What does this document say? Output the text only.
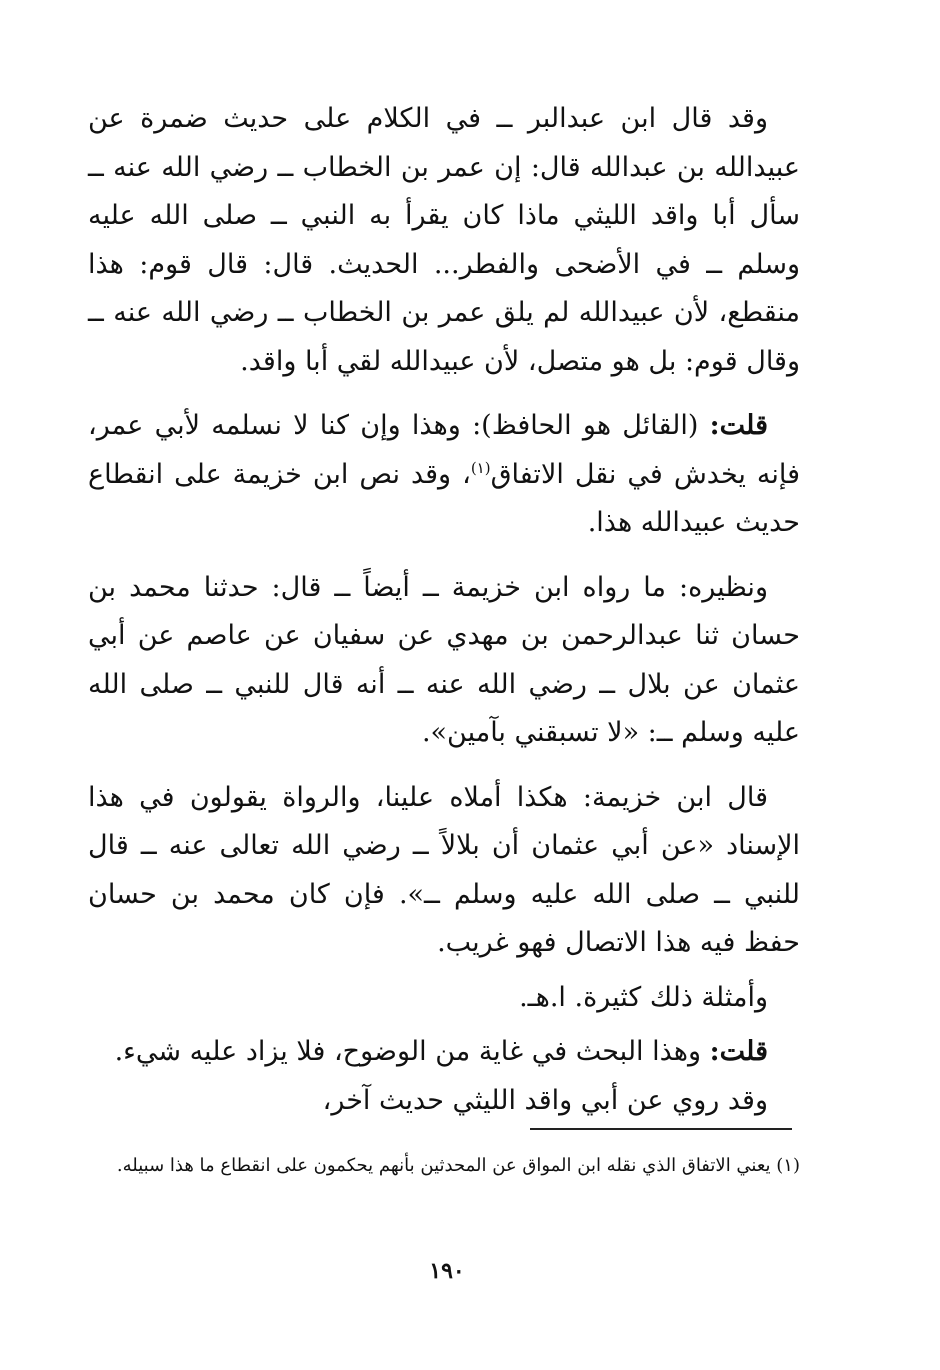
وقد قال ابن عبدالبر ــ في الكلام على حديث ضمرة عن عبيدالله بن عبدالله قال: إن عمر بن الخطاب ــ رضي الله عنه ــ سأل أبا واقد الليثي ماذا كان يقرأ به النبي ــ صلى الله عليه وسلم ــ في الأضحى والفطر... الحديث. قال: قال قوم: هذا منقطع، لأن عبيدالله لم يلق عمر بن الخطاب ــ رضي الله عنه ــ وقال قوم: بل هو متصل، لأن عبيدالله لقي أبا واقد.

قلت: (القائل هو الحافظ): وهذا وإن كنا لا نسلمه لأبي عمر، فإنه يخدش في نقل الاتفاق$^{(١)}$، وقد نص ابن خزيمة على انقطاع حديث عبيدالله هذا.

ونظيره: ما رواه ابن خزيمة ــ أيضاً ــ قال: حدثنا محمد بن حسان ثنا عبدالرحمن بن مهدي عن سفيان عن عاصم عن أبي عثمان عن بلال ــ رضي الله عنه ــ أنه قال للنبي ــ صلى الله عليه وسلم ــ: «لا تسبقني بآمين».

قال ابن خزيمة: هكذا أملاه علينا، والرواة يقولون في هذا الإسناد «عن أبي عثمان أن بلالاً ــ رضي الله تعالى عنه ــ قال للنبي ــ صلى الله عليه وسلم ــ». فإن كان محمد بن حسان حفظ فيه هذا الاتصال فهو غريب.

وأمثلة ذلك كثيرة. ا.هـ.

قلت: وهذا البحث في غاية من الوضوح، فلا يزاد عليه شيء.

وقد روي عن أبي واقد الليثي حديث آخر،

(١) يعني الاتفاق الذي نقله ابن المواق عن المحدثين بأنهم يحكمون على انقطاع ما هذا سبيله.

١٩٠
